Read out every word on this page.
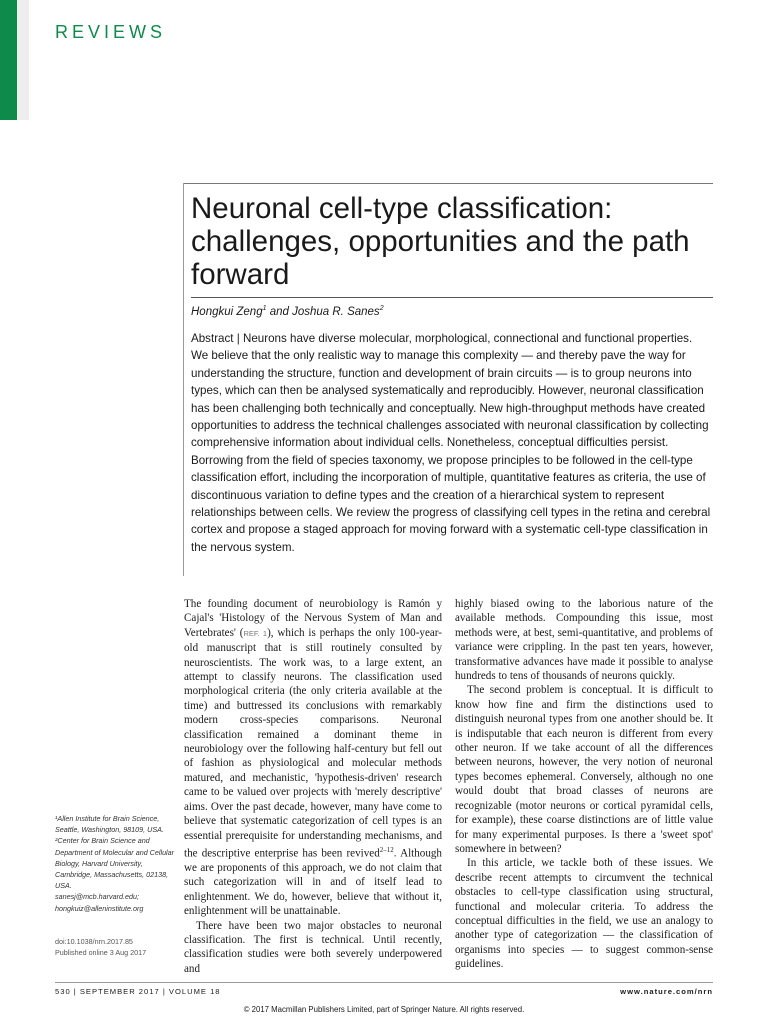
REVIEWS
Neuronal cell-type classification: challenges, opportunities and the path forward
Hongkui Zeng$^1$ and Joshua R. Sanes$^2$

Abstract | Neurons have diverse molecular, morphological, connectional and functional properties. We believe that the only realistic way to manage this complexity — and thereby pave the way for understanding the structure, function and development of brain circuits — is to group neurons into types, which can then be analysed systematically and reproducibly. However, neuronal classification has been challenging both technically and conceptually. New high-throughput methods have created opportunities to address the technical challenges associated with neuronal classification by collecting comprehensive information about individual cells. Nonetheless, conceptual difficulties persist. Borrowing from the field of species taxonomy, we propose principles to be followed in the cell-type classification effort, including the incorporation of multiple, quantitative features as criteria, the use of discontinuous variation to define types and the creation of a hierarchical system to represent relationships between cells. We review the progress of classifying cell types in the retina and cerebral cortex and propose a staged approach for moving forward with a systematic cell-type classification in the nervous system.

The founding document of neurobiology is Ramón y Cajal's 'Histology of the Nervous System of Man and Vertebrates' (REF. 1), which is perhaps the only 100-year-old manuscript that is still routinely consulted by neuroscientists. The work was, to a large extent, an attempt to classify neurons. The classification used morphological criteria (the only criteria available at the time) and buttressed its conclusions with remarkably modern cross-species comparisons. Neuronal classification remained a dominant theme in neurobiology over the following half-century but fell out of fashion as physiological and molecular methods matured, and mechanistic, 'hypothesis-driven' research came to be valued over projects with 'merely descriptive' aims. Over the past decade, however, many have come to believe that systematic categorization of cell types is an essential prerequisite for understanding mechanisms, and the descriptive enterprise has been revived$^{2-12}$. Although we are proponents of this approach, we do not claim that such categorization will in and of itself lead to enlightenment. We do, however, believe that without it, enlightenment will be unattainable.

There have been two major obstacles to neuronal classification. The first is technical. Until recently, classification studies were both severely underpowered and

highly biased owing to the laborious nature of the available methods. Compounding this issue, most methods were, at best, semi-quantitative, and problems of variance were crippling. In the past ten years, however, transformative advances have made it possible to analyse hundreds to tens of thousands of neurons quickly.

The second problem is conceptual. It is difficult to know how fine and firm the distinctions used to distinguish neuronal types from one another should be. It is indisputable that each neuron is different from every other neuron. If we take account of all the differences between neurons, however, the very notion of neuronal types becomes ephemeral. Conversely, although no one would doubt that broad classes of neurons are recognizable (motor neurons or cortical pyramidal cells, for example), these coarse distinctions are of little value for many experimental purposes. Is there a 'sweet spot' somewhere in between?

In this article, we tackle both of these issues. We describe recent attempts to circumvent the technical obstacles to cell-type classification using structural, functional and molecular criteria. To address the conceptual difficulties in the field, we use an analogy to another type of categorization — the classification of organisms into species — to suggest common-sense guidelines.

¹Allen Institute for Brain Science, Seattle, Washington, 98109, USA.
²Center for Brain Science and Department of Molecular and Cellular Biology, Harvard University, Cambridge, Massachusetts, 02138, USA.
sanesj@mcb.harvard.edu;
hongkuiz@alleninstitute.org
doi:10.1038/nrn.2017.85
Published online 3 Aug 2017
530 | SEPTEMBER 2017 | VOLUME 18	www.nature.com/nrn
© 2017 Macmillan Publishers Limited, part of Springer Nature. All rights reserved.
